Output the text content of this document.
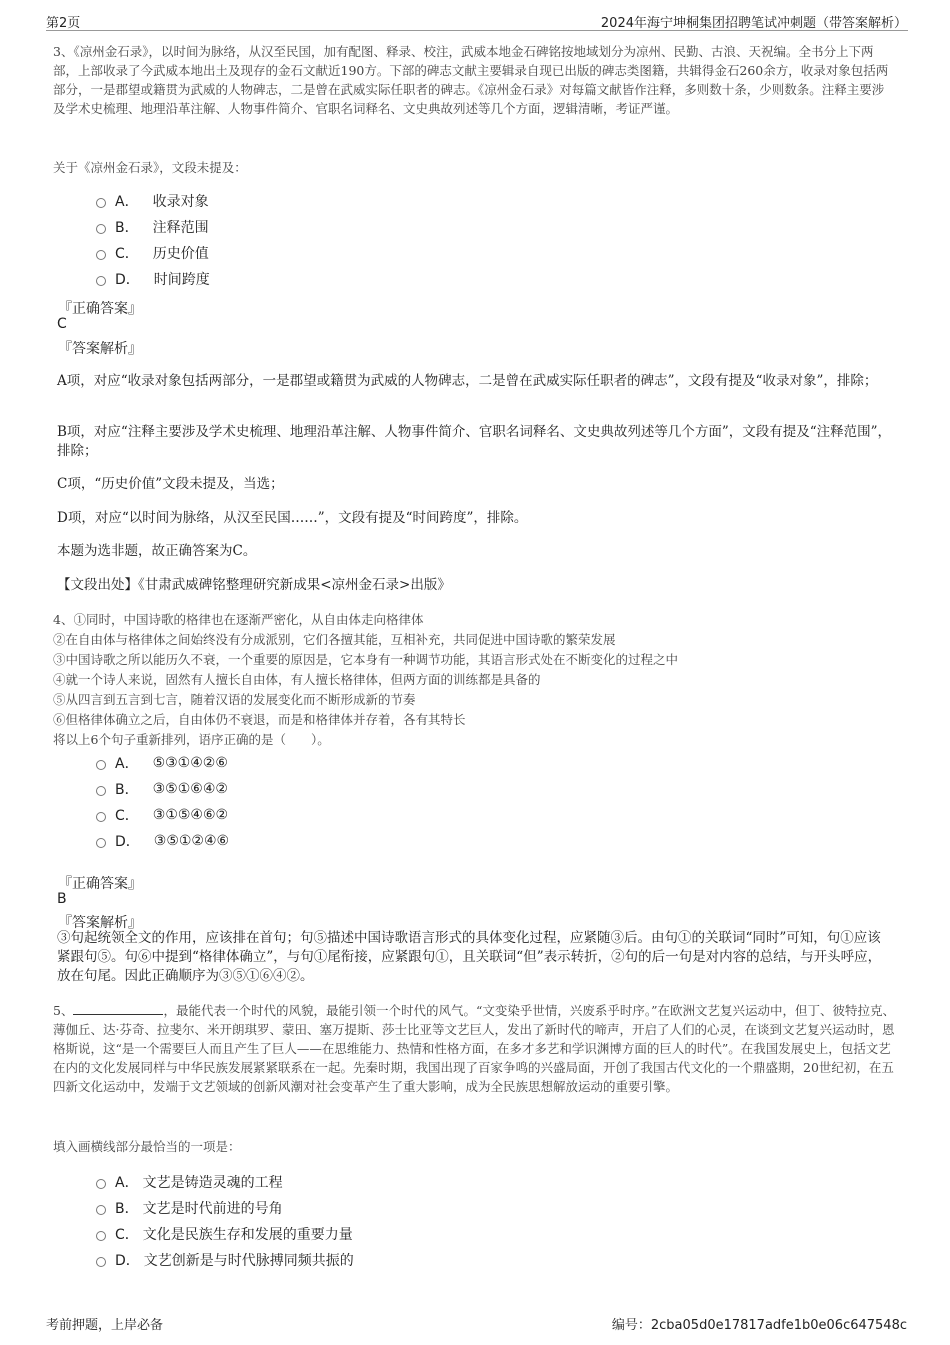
第2页	2024年海宁坤桐集团招聘笔试冲刺题（带答案解析）
3、《凉州金石录》，以时间为脉络，从汉至民国，加有配图、释录、校注，武威本地金石碑铭按地域划分为凉州、民勤、古浪、天祝编。全书分上下两部，上部收录了今武威本地出土及现存的金石文献近190方。下部的碑志文献主要辑录自现已出版的碑志类图籍，共辑得金石260余方，收录对象包括两部分，一是郡望或籍贯为武威的人物碑志，二是曾在武威实际任职者的碑志。《凉州金石录》对每篇文献皆作注释，多则数十条，少则数条。注释主要涉及学术史梳理、地理沿革注解、人物事件简介、官职名词释名、文史典故列述等几个方面，逻辑清晰，考证严谨。
关于《凉州金石录》，文段未提及：
A． 收录对象
B． 注释范围
C． 历史价值
D． 时间跨度
『正确答案』
C
『答案解析』
A项，对应“收录对象包括两部分，一是郡望或籍贯为武威的人物碑志，二是曾在武威实际任职者的碑志”，文段有提及“收录对象”，排除；
B项，对应“注释主要涉及学术史梳理、地理沿革注解、人物事件简介、官职名词释名、文史典故列述等几个方面”，文段有提及“注释范围”，排除；
C项，“历史价值”文段未提及，当选；
D项，对应“以时间为脉络，从汉至民国……”，文段有提及“时间跨度”，排除。
本题为选非题，故正确答案为C。
【文段出处】《甘肃武威碑铭整理研究新成果<凉州金石录>出版》
4、①同时，中国诗歌的格律也在逐渐严密化，从自由体走向格律体
②在自由体与格律体之间始终没有分成派别，它们各擅其能，互相补充，共同促进中国诗歌的繁荣发展
③中国诗歌之所以能历久不衰，一个重要的原因是，它本身有一种调节功能，其语言形式处在不断变化的过程之中
④就一个诗人来说，固然有人擅长自由体，有人擅长格律体，但两方面的训练都是具备的
⑤从四言到五言到七言，随着汉语的发展变化而不断形成新的节奏
⑥但格律体确立之后，自由体仍不衰退，而是和格律体并存着，各有其特长
将以上6个句子重新排列，语序正确的是（　　）。
A． ⑤③①④②⑥
B． ③⑤①⑥④②
C． ③①⑤④⑥②
D． ③⑤①②④⑥
『正确答案』
B
『答案解析』
③句起统领全文的作用，应该排在首句；句⑤描述中国诗歌语言形式的具体变化过程，应紧随③后。由句①的关联词“同时”可知，句①应该紧跟句⑤。句⑥中提到“格律体确立”，与句①尾衔接，应紧跟句①，且关联词“但”表示转折，②句的后一句是对内容的总结，与开头呼应，放在句尾。因此正确顺序为③⑤①⑥④②。
5、	，最能代表一个时代的风貌，最能引领一个时代的风气。“文变染乎世情，兴废系乎时序。”在欧洲文艺复兴运动中，但丁、彼特拉克、薄伽丘、达·芬奇、拉斐尔、米开朗琪罗、蒙田、塞万提斯、莎士比亚等文艺巨人，发出了新时代的啼声，开启了人们的心灵，在谈到文艺复兴运动时，恩格斯说，这“是一个需要巨人而且产生了巨人——在思维能力、热情和性格方面，在多才多艺和学识渊博方面的巨人的时代”。在我国发展史上，包括文艺在内的文化发展同样与中华民族发展紧紧联系在一起。先秦时期，我国出现了百家争鸣的兴盛局面，开创了我国古代文化的一个鼎盛期，20世纪初，在五四新文化运动中，发端于文艺领域的创新风潮对社会变革产生了重大影响，成为全民族思想解放运动的重要引擎。
填入画横线部分最恰当的一项是：
A． 文艺是铸造灵魂的工程
B． 文艺是时代前进的号角
C． 文化是民族生存和发展的重要力量
D． 文艺创新是与时代脉搏同频共振的
考前押题，上岸必备	编号：2cba05d0e17817adfe1b0e06c647548c
